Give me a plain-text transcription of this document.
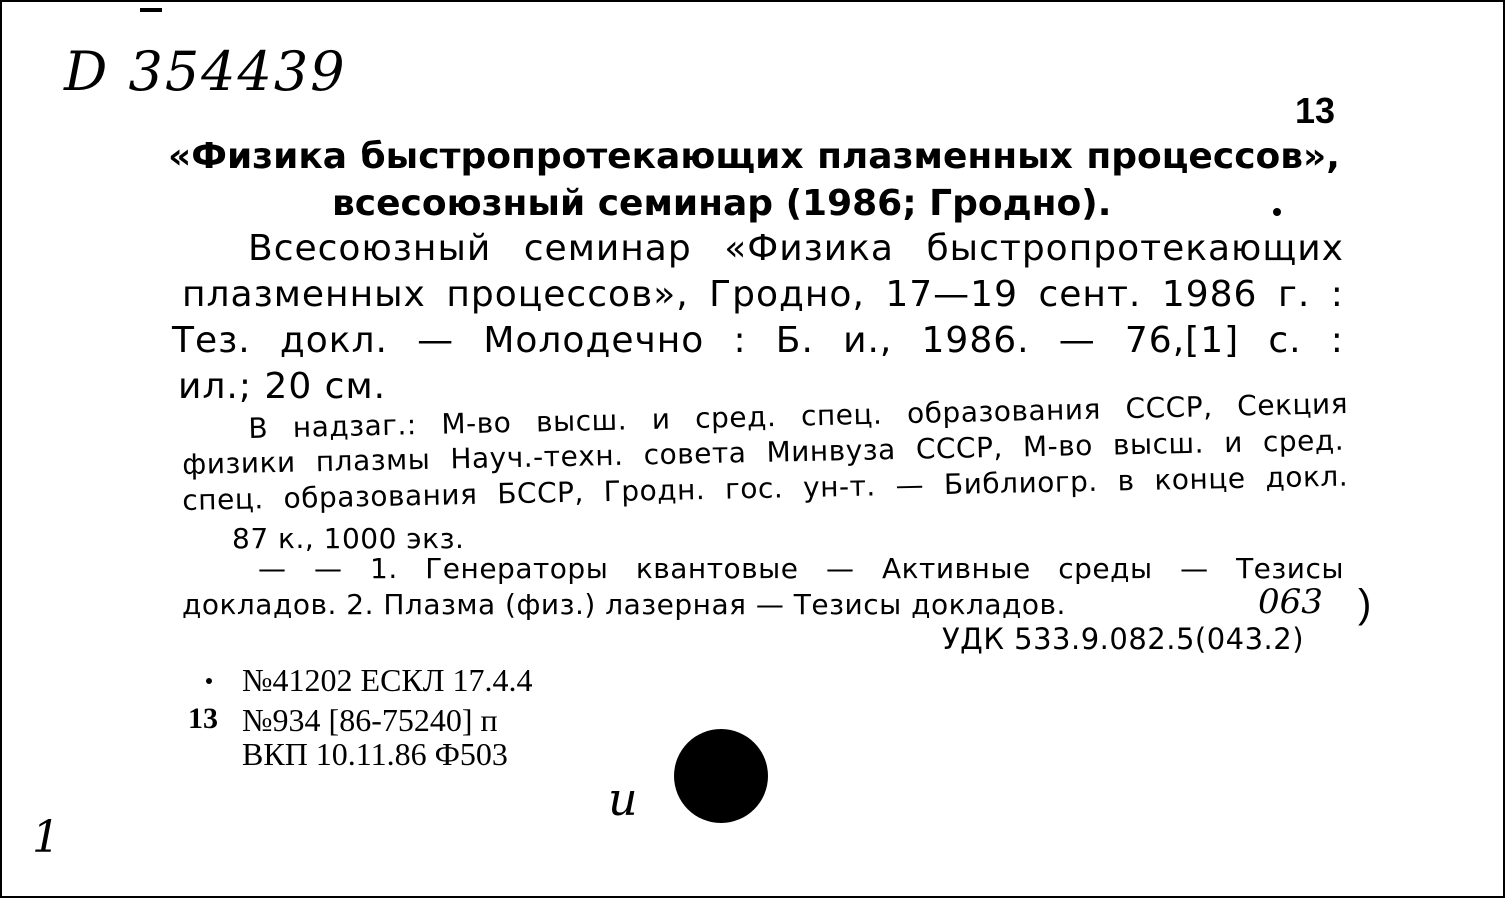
D 354439
13
«Физика быстропротекающих плазменных процессов»,
всесоюзный семинар (1986; Гродно).
Всесоюзный семинар «Физика быстропротекающих
плазменных процессов», Гродно, 17—19 сент. 1986 г. :
Тез. докл. — Молодечно : Б. и., 1986. — 76,[1] с. :
ил.; 20 см.
В надзаг.: М-во высш. и сред. спец. образования СССР, Секция
физики плазмы Науч.-техн. совета Минвуза СССР, М-во высш. и сред.
спец. образования БССР, Гродн. гос. ун-т. — Библиогр. в конце докл.
87 к., 1000 экз.
— — 1. Генераторы квантовые — Активные среды — Тезисы
докладов. 2. Плазма (физ.) лазерная — Тезисы докладов.
УДК 533.9.082.5(043.2)
063 )
№41202 ЕСКЛ 17.4.4
13 №934 [86-75240] п
ВКП 10.11.86 Ф503
и
1
